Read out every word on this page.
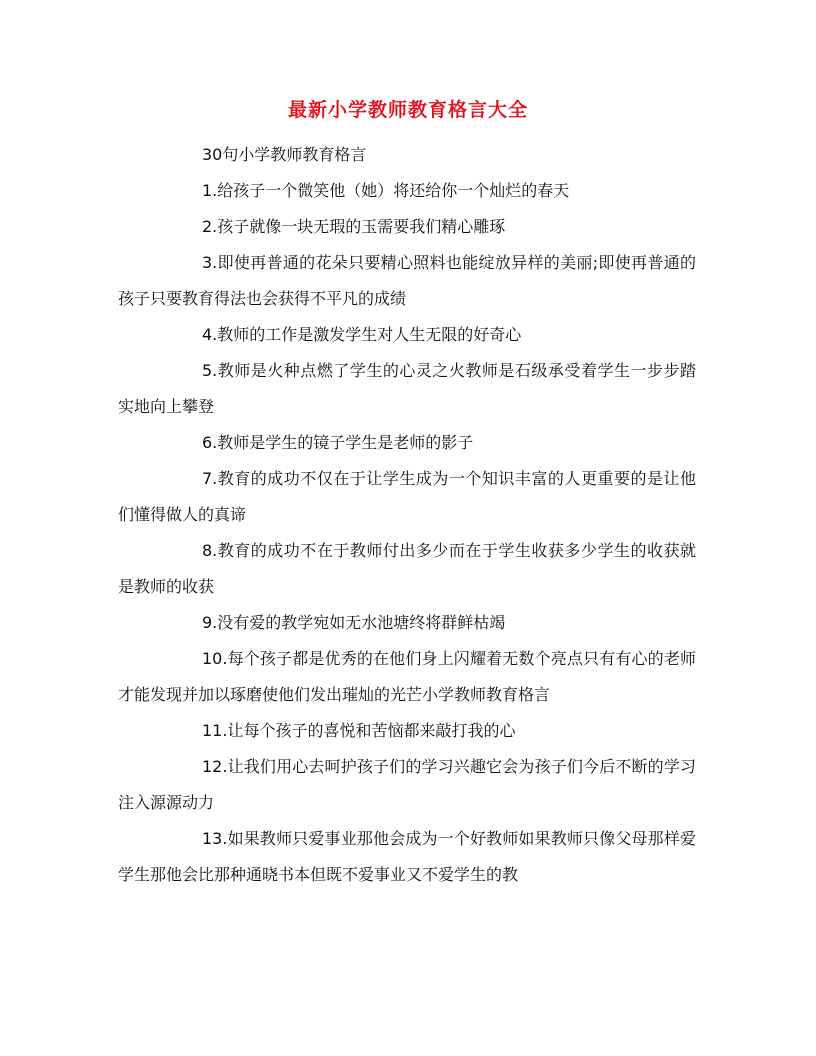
最新小学教师教育格言大全

30句小学教师教育格言

1.给孩子一个微笑他（她）将还给你一个灿烂的春天

2.孩子就像一块无瑕的玉需要我们精心雕琢

3.即使再普通的花朵只要精心照料也能绽放异样的美丽;即使再普通的孩子只要教育得法也会获得不平凡的成绩

4.教师的工作是激发学生对人生无限的好奇心

5.教师是火种点燃了学生的心灵之火教师是石级承受着学生一步步踏实地向上攀登

6.教师是学生的镜子学生是老师的影子

7.教育的成功不仅在于让学生成为一个知识丰富的人更重要的是让他们懂得做人的真谛

8.教育的成功不在于教师付出多少而在于学生收获多少学生的收获就是教师的收获

9.没有爱的教学宛如无水池塘终将群鲜枯竭

10.每个孩子都是优秀的在他们身上闪耀着无数个亮点只有有心的老师才能发现并加以琢磨使他们发出璀灿的光芒小学教师教育格言

11.让每个孩子的喜悦和苦恼都来敲打我的心

12.让我们用心去呵护孩子们的学习兴趣它会为孩子们今后不断的学习注入源源动力

13.如果教师只爱事业那他会成为一个好教师如果教师只像父母那样爱学生那他会比那种通晓书本但既不爱事业又不爱学生的教
